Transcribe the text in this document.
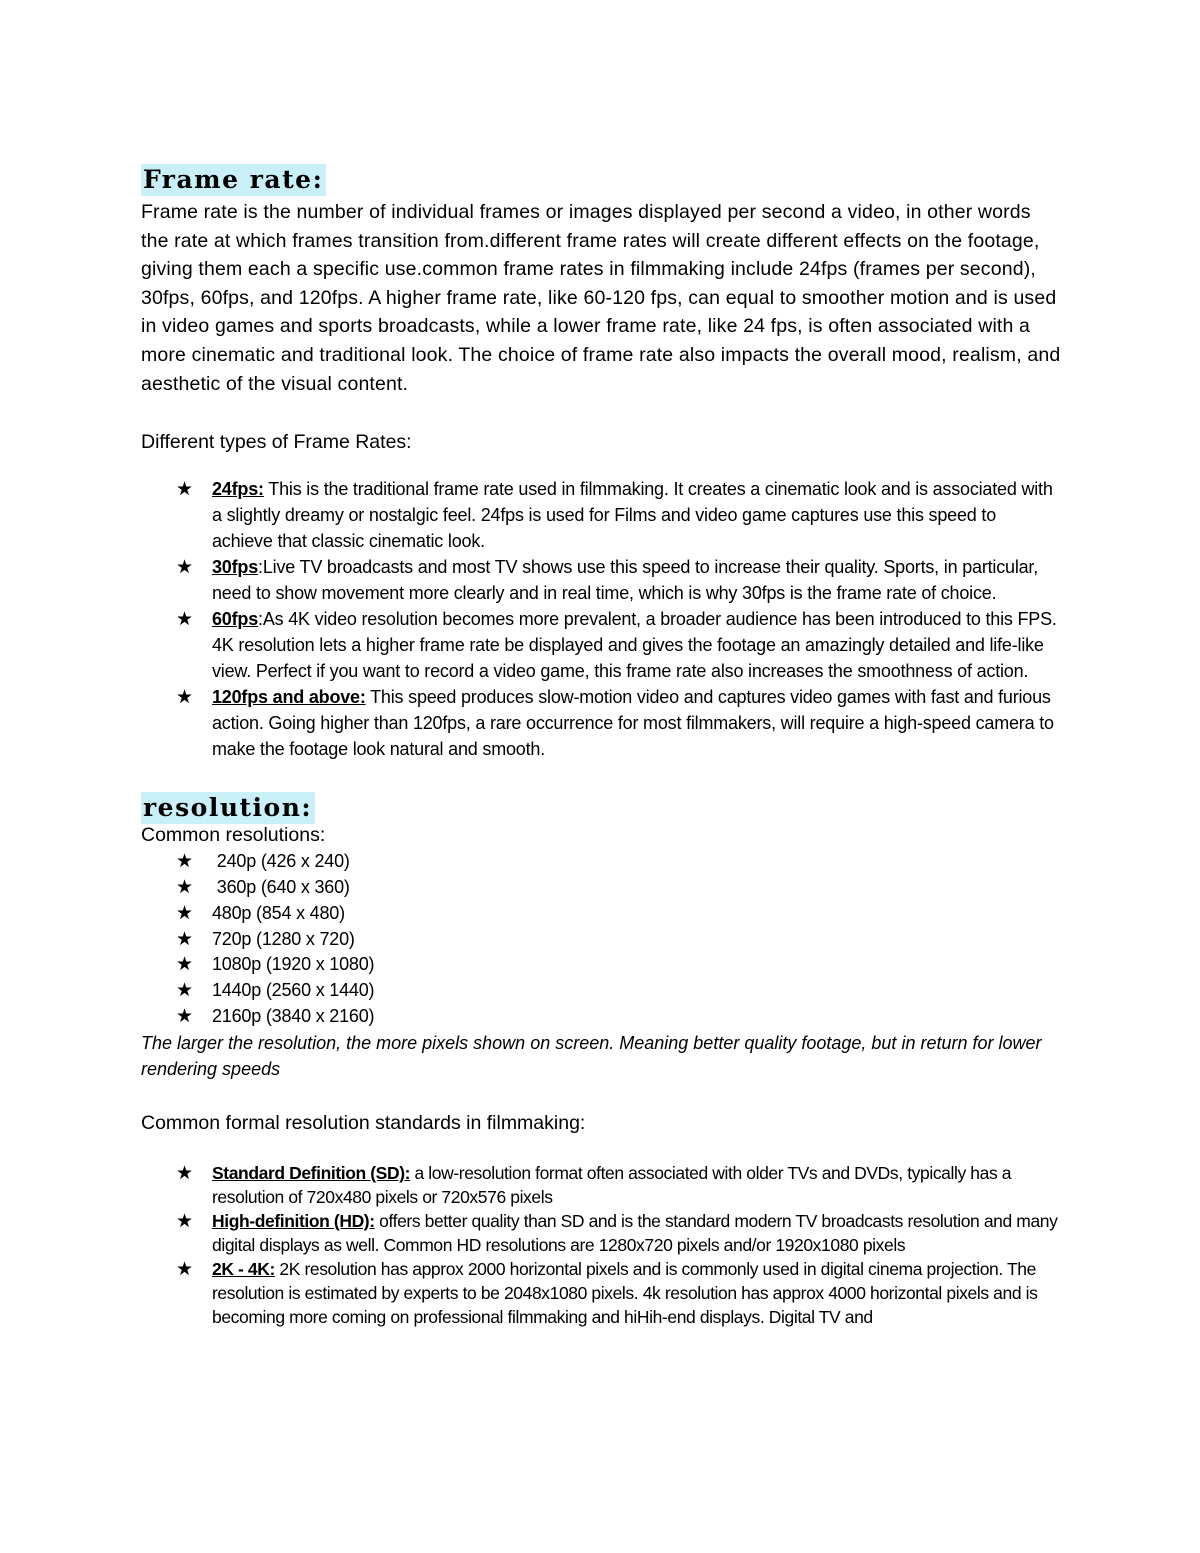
Frame rate:

Frame rate is the number of individual frames or images displayed per second a video, in other words the rate at which frames transition from.different frame rates will create different effects on the footage, giving them each a specific use.common frame rates in filmmaking include 24fps (frames per second), 30fps, 60fps, and 120fps. A higher frame rate, like 60-120 fps, can equal to smoother motion and is used in video games and sports broadcasts, while a lower frame rate, like 24 fps, is often associated with a more cinematic and traditional look. The choice of frame rate also impacts the overall mood, realism, and aesthetic of the visual content.

Different types of Frame Rates:

★ 24fps: This is the traditional frame rate used in filmmaking. It creates a cinematic look and is associated with a slightly dreamy or nostalgic feel. 24fps is used for Films and video game captures use this speed to achieve that classic cinematic look.
★ 30fps:Live TV broadcasts and most TV shows use this speed to increase their quality. Sports, in particular, need to show movement more clearly and in real time, which is why 30fps is the frame rate of choice.
★ 60fps:As 4K video resolution becomes more prevalent, a broader audience has been introduced to this FPS. 4K resolution lets a higher frame rate be displayed and gives the footage an amazingly detailed and life-like view. Perfect if you want to record a video game, this frame rate also increases the smoothness of action.
★ 120fps and above: This speed produces slow-motion video and captures video games with fast and furious action. Going higher than 120fps, a rare occurrence for most filmmakers, will require a high-speed camera to make the footage look natural and smooth.
resolution:

Common resolutions:

★ 240p (426 x 240)
★ 360p (640 x 360)
★ 480p (854 x 480)
★ 720p (1280 x 720)
★ 1080p (1920 x 1080)
★ 1440p (2560 x 1440)
★ 2160p (3840 x 2160)

The larger the resolution, the more pixels shown on screen. Meaning better quality footage, but in return for lower rendering speeds

Common formal resolution standards in filmmaking:

★ Standard Definition (SD): a low-resolution format often associated with older TVs and DVDs, typically has a resolution of 720x480 pixels or 720x576 pixels
★ High-definition (HD): offers better quality than SD and is the standard modern TV broadcasts resolution and many digital displays as well. Common HD resolutions are 1280x720 pixels and/or 1920x1080 pixels
★ 2K - 4K: 2K resolution has approx 2000 horizontal pixels and is commonly used in digital cinema projection. The resolution is estimated by experts to be 2048x1080 pixels. 4k resolution has approx 4000 horizontal pixels and is becoming more coming on professional filmmaking and hiHih-end displays. Digital TV and
